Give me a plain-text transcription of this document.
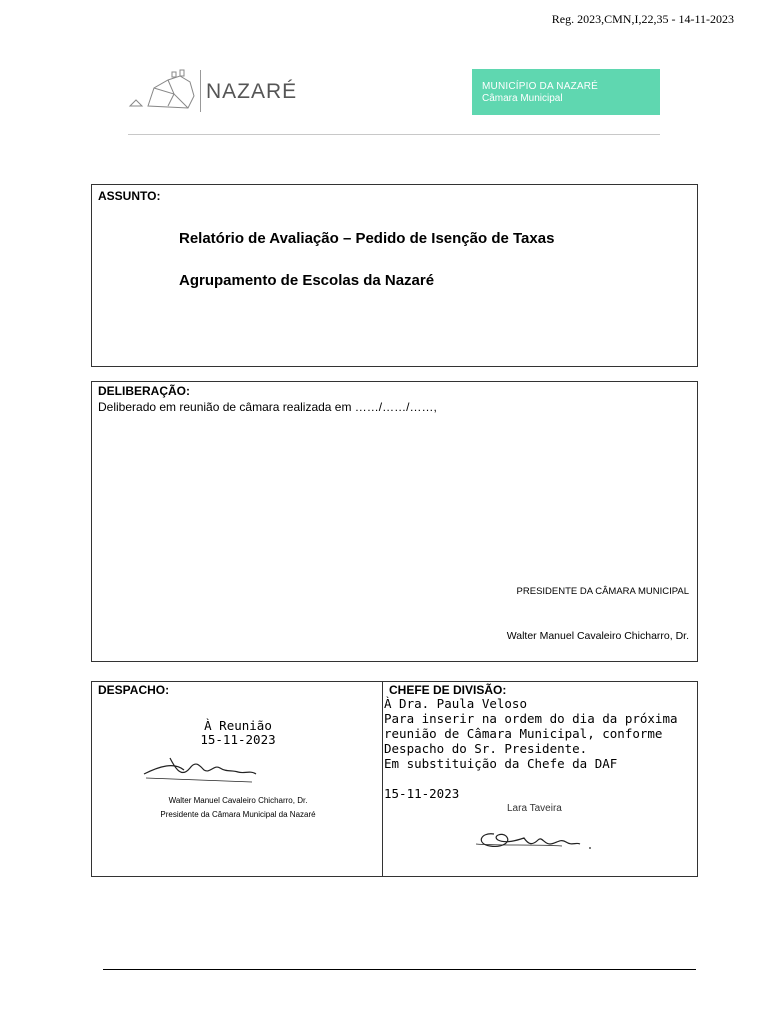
Reg. 2023,CMN,I,22,35 - 14-11-2023
NAZARÉ	MUNICÍPIO DA NAZARÉ
Câmara Municipal
ASSUNTO:
Relatório de Avaliação – Pedido de Isenção de Taxas
Agrupamento de Escolas da Nazaré
DELIBERAÇÃO:
Deliberado em reunião de câmara realizada em ……/……/……,
PRESIDENTE DA CÂMARA MUNICIPAL
Walter Manuel Cavaleiro Chicharro, Dr.
DESPACHO:
À Reunião
15-11-2023
Walter Manuel Cavaleiro Chicharro, Dr.
Presidente da Câmara Municipal da Nazaré
CHEFE DE DIVISÃO:
À Dra. Paula Veloso
Para inserir na ordem do dia da próxima
reunião de Câmara Municipal, conforme
Despacho do Sr. Presidente.
Em substituição da Chefe da DAF
15-11-2023
Lara Taveira
